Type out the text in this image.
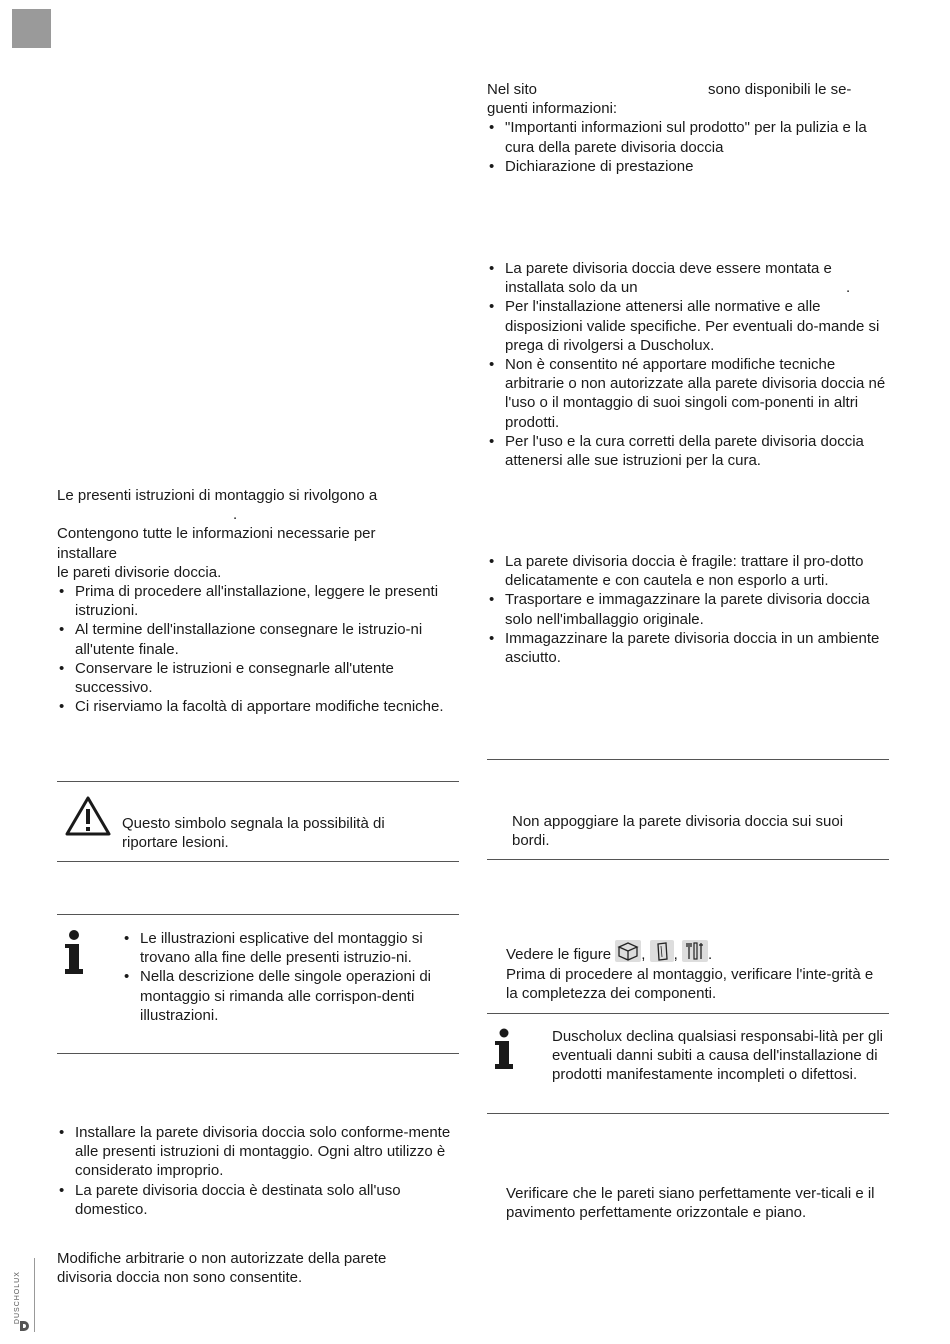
Le presenti istruzioni di montaggio si rivolgono a

.

Contengono tutte le informazioni necessarie per

installare

le pareti divisorie doccia.

• Prima di procedere all'installazione, leggere le presenti istruzioni.
• Al termine dell'installazione consegnare le istruzio-ni all'utente finale.
• Conservare le istruzioni e consegnarle all'utente successivo.
• Ci riserviamo la facoltà di apportare modifiche tecniche.

Questo simbolo segnala la possibilità di riportare lesioni.

• Le illustrazioni esplicative del montaggio si trovano alla fine delle presenti istruzio-ni.
• Nella descrizione delle singole operazioni di montaggio si rimanda alle corrispon-denti illustrazioni.
• Installare la parete divisoria doccia solo conforme-mente alle presenti istruzioni di montaggio. Ogni altro utilizzo è considerato improprio.
• La parete divisoria doccia è destinata solo all'uso domestico.

Modifiche arbitrarie o non autorizzate della parete

divisoria doccia non sono consentite.

Nel sito	sono disponibili le se-

guenti informazioni:

• "Importanti informazioni sul prodotto" per la pulizia e la cura della parete divisoria doccia
• Dichiarazione di prestazione
• La parete divisoria doccia deve essere montata e
installata solo da un	.
• Per l'installazione attenersi alle normative e alle disposizioni valide specifiche. Per eventuali do-mande si prega di rivolgersi a Duscholux.
• Non è consentito né apportare modifiche tecniche arbitrarie o non autorizzate alla parete divisoria doccia né l'uso o il montaggio di suoi singoli com-ponenti in altri prodotti.
• Per l'uso e la cura corretti della parete divisoria doccia attenersi alle sue istruzioni per la cura.
• La parete divisoria doccia è fragile: trattare il pro-dotto delicatamente e con cautela e non esporlo a urti.
• Trasportare e immagazzinare la parete divisoria doccia solo nell'imballaggio originale.
• Immagazzinare la parete divisoria doccia in un ambiente asciutto.

Non appoggiare la parete divisoria doccia sui suoi bordi.

Vedere le figure , , .

Prima di procedere al montaggio, verificare l'inte-grità e la completezza dei componenti.

Duscholux declina qualsiasi responsabi-lità per gli eventuali danni subiti a causa dell'installazione di prodotti manifestamente incompleti o difettosi.

Verificare che le pareti siano perfettamente ver-ticali e il pavimento perfettamente orizzontale e piano.

DUSCHOLUX
